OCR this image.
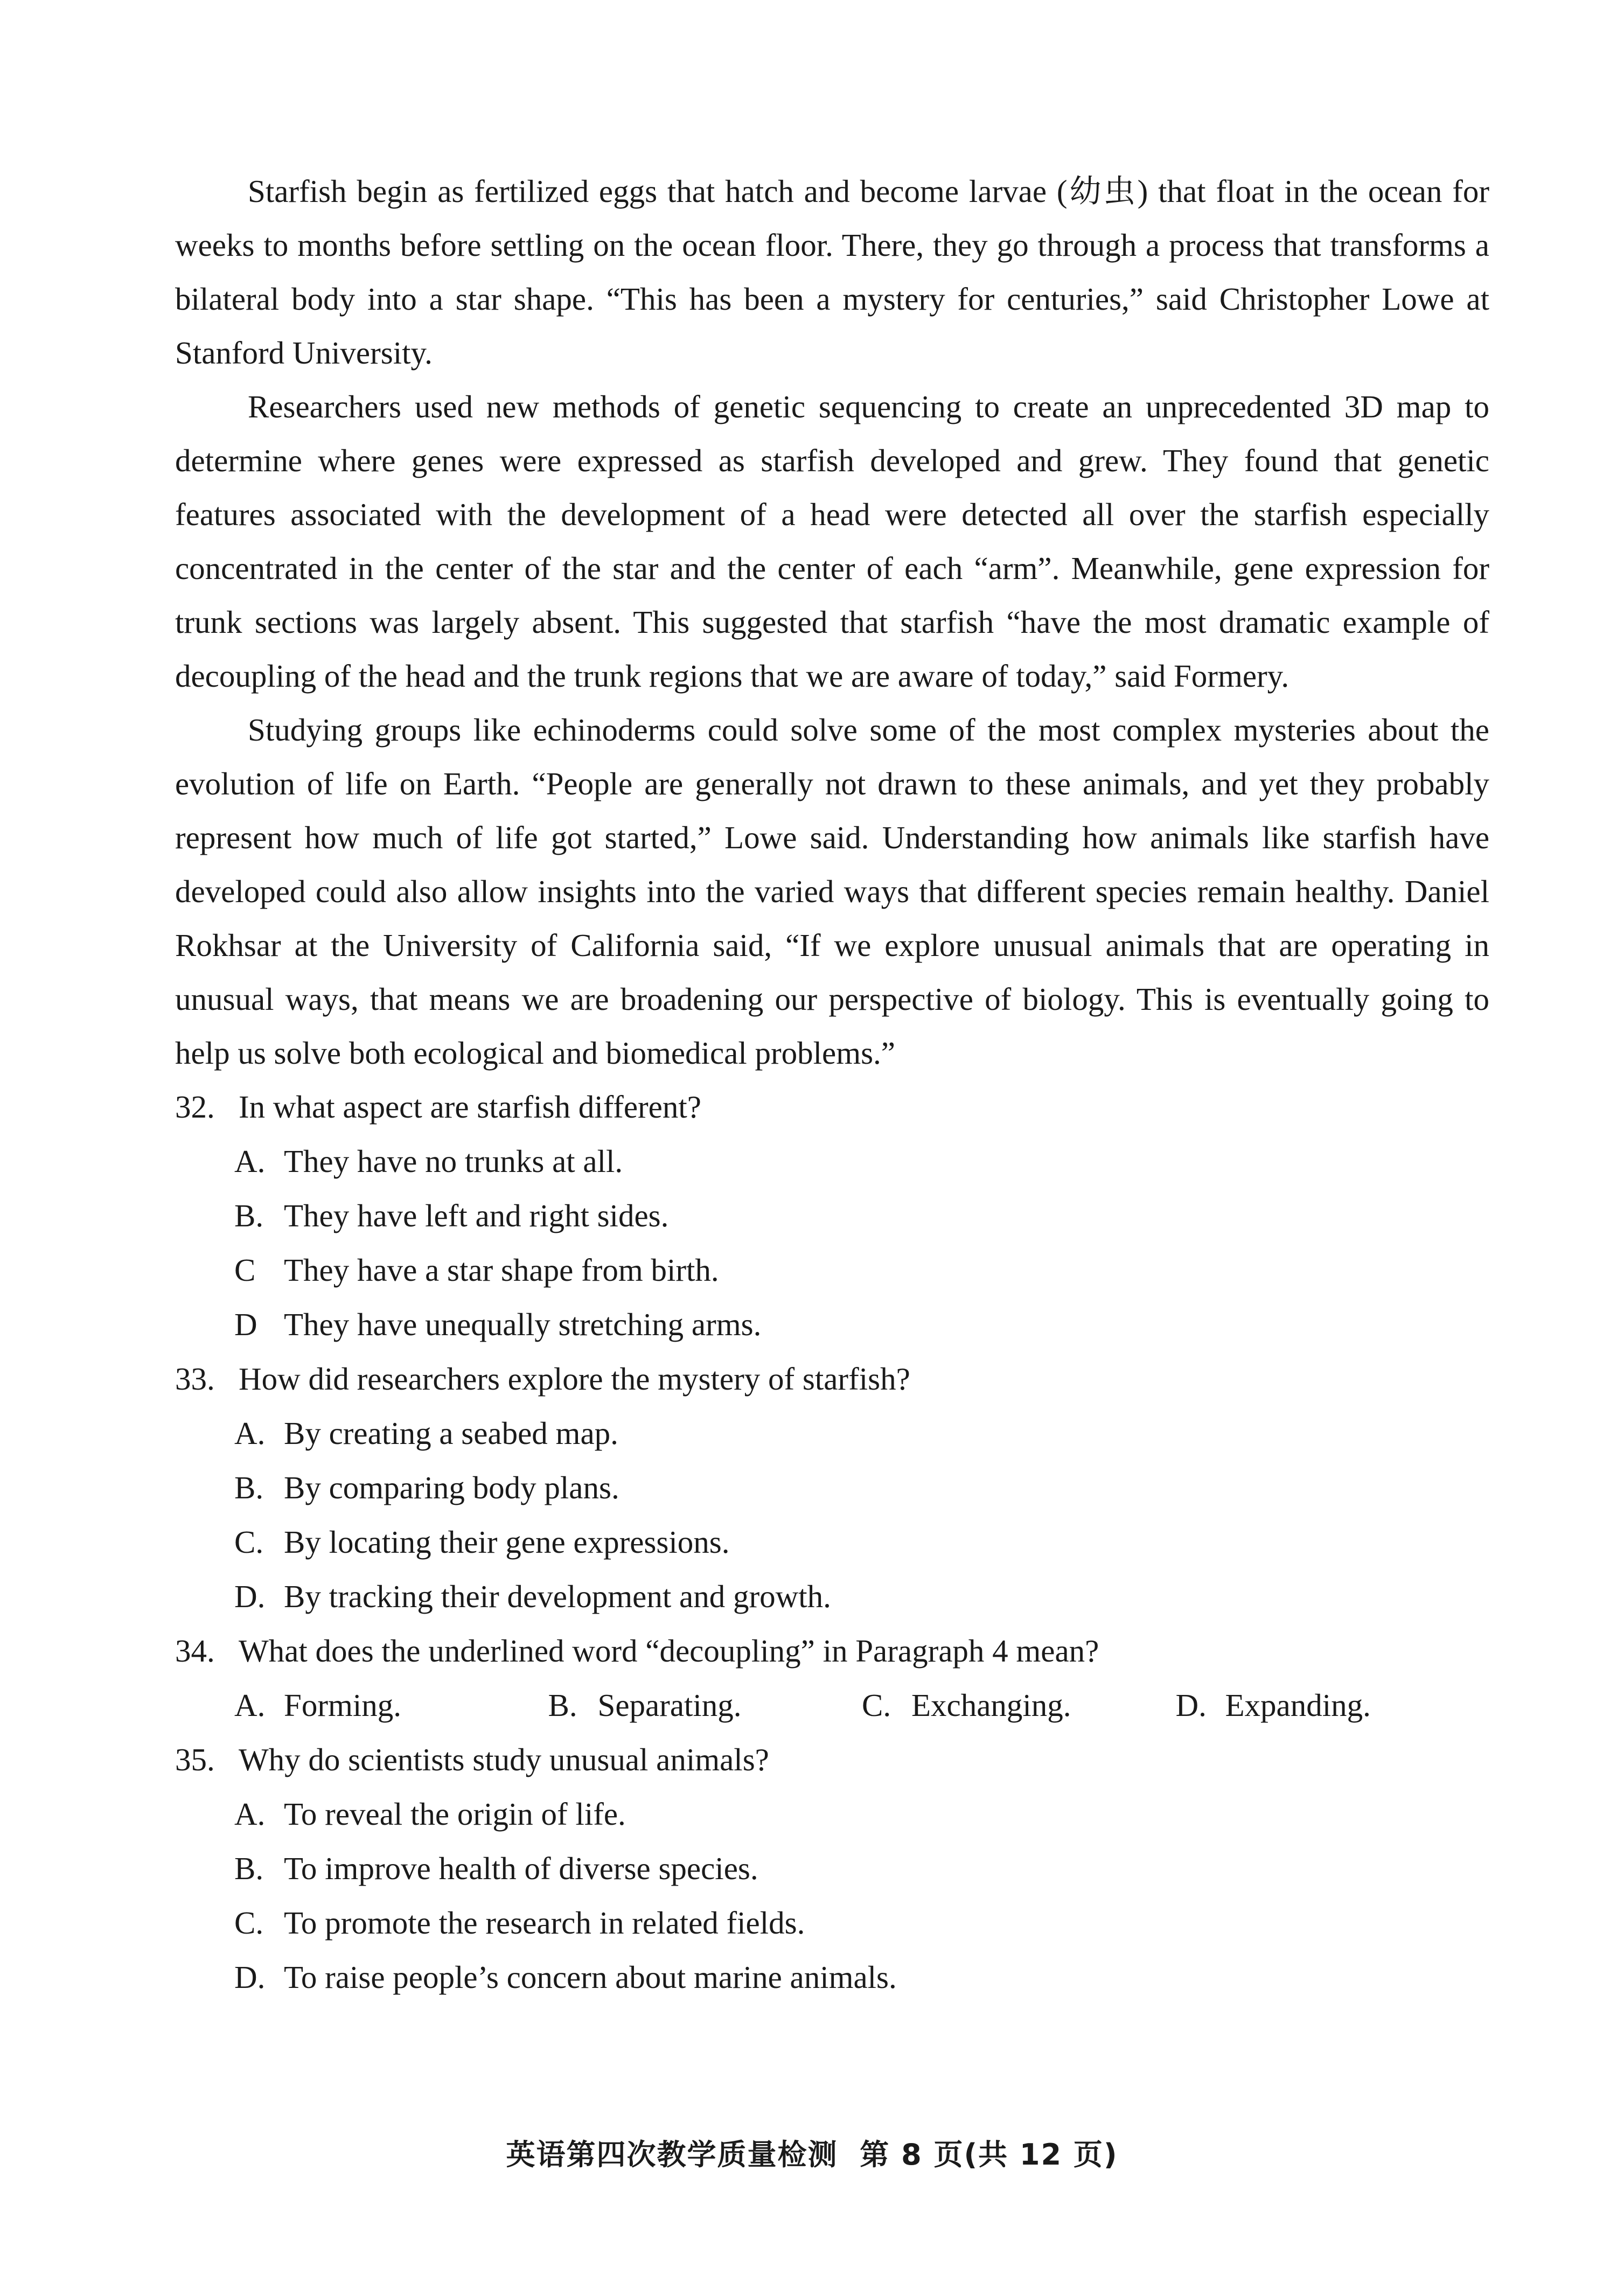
Starfish begin as fertilized eggs that hatch and become larvae (幼虫) that float in the ocean for weeks to months before settling on the ocean floor. There, they go through a process that transforms a bilateral body into a star shape. “This has been a mystery for centuries,” said Christopher Lowe at Stanford University.

Researchers used new methods of genetic sequencing to create an unprecedented 3D map to determine where genes were expressed as starfish developed and grew. They found that genetic features associated with the development of a head were detected all over the starfish especially concentrated in the center of the star and the center of each “arm”. Meanwhile, gene expression for trunk sections was largely absent. This suggested that starfish “have the most dramatic example of decoupling of the head and the trunk regions that we are aware of today,” said Formery.

Studying groups like echinoderms could solve some of the most complex mysteries about the evolution of life on Earth. “People are generally not drawn to these animals, and yet they probably represent how much of life got started,” Lowe said. Understanding how animals like starfish have developed could also allow insights into the varied ways that different species remain healthy. Daniel Rokhsar at the University of California said, “If we explore unusual animals that are operating in unusual ways, that means we are broadening our perspective of biology. This is eventually going to help us solve both ecological and biomedical problems.”

32. In what aspect are starfish different?
A. They have no trunks at all.
B. They have left and right sides.
C They have a star shape from birth.
D They have unequally stretching arms.
33. How did researchers explore the mystery of starfish?
A. By creating a seabed map.
B. By comparing body plans.
C. By locating their gene expressions.
D. By tracking their development and growth.
34. What does the underlined word “decoupling” in Paragraph 4 mean?
A. Forming.	B. Separating.	C. Exchanging.	D. Expanding.
35. Why do scientists study unusual animals?
A. To reveal the origin of life.
B. To improve health of diverse species.
C. To promote the research in related fields.
D. To raise people’s concern about marine animals.
英语第四次教学质量检测 第 8 页(共 12 页)
